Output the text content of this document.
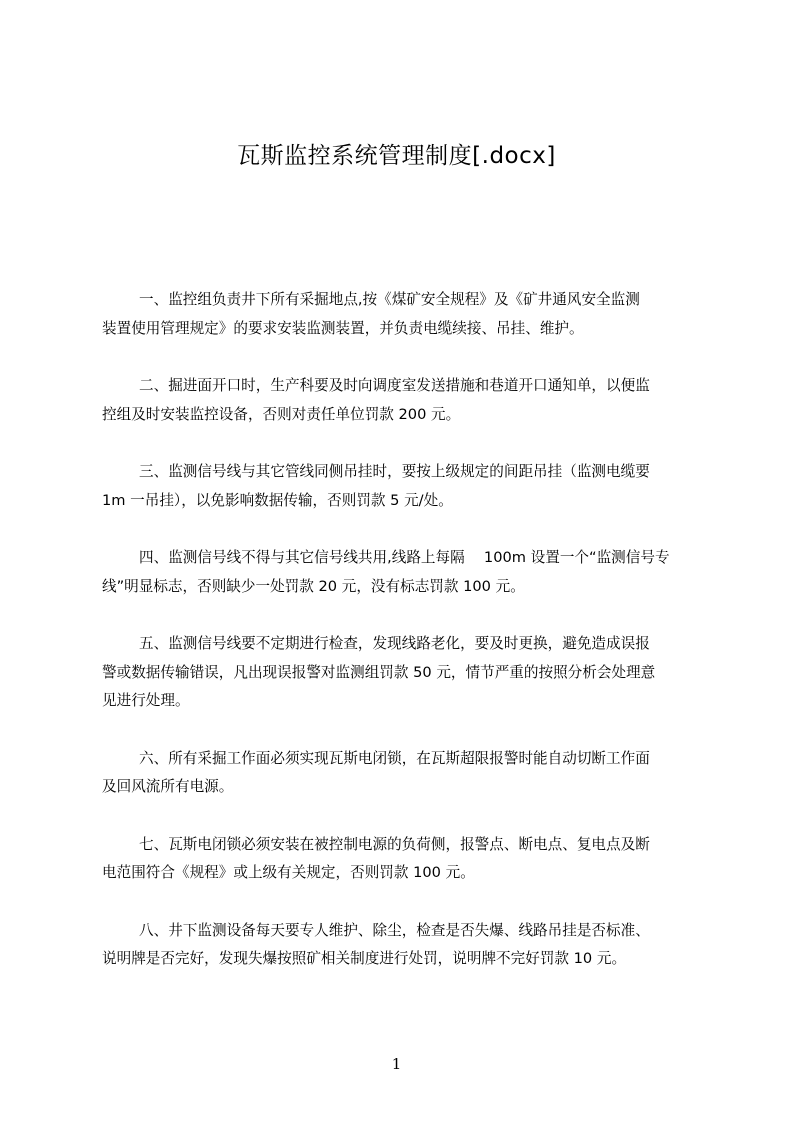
瓦斯监控系统管理制度[.docx]

一、监控组负责井下所有采掘地点,按《煤矿安全规程》及《矿井通风安全监测
装置使用管理规定》的要求安装监测装置，并负责电缆续接、吊挂、维护。

二、掘进面开口时，生产科要及时向调度室发送措施和巷道开口通知单，以便监
控组及时安装监控设备，否则对责任单位罚款 200 元。

三、监测信号线与其它管线同侧吊挂时，要按上级规定的间距吊挂（监测电缆要
1m 一吊挂），以免影响数据传输，否则罚款 5 元/处。

四、监测信号线不得与其它信号线共用,线路上每隔　 100m 设置一个“监测信号专
线”明显标志，否则缺少一处罚款 20 元，没有标志罚款 100 元。

五、监测信号线要不定期进行检查，发现线路老化，要及时更换，避免造成误报
警或数据传输错误，凡出现误报警对监测组罚款 50 元，情节严重的按照分析会处理意
见进行处理。

六、所有采掘工作面必须实现瓦斯电闭锁，在瓦斯超限报警时能自动切断工作面
及回风流所有电源。

七、瓦斯电闭锁必须安装在被控制电源的负荷侧，报警点、断电点、复电点及断
电范围符合《规程》或上级有关规定，否则罚款 100 元。

八、井下监测设备每天要专人维护、除尘，检查是否失爆、线路吊挂是否标准、
说明牌是否完好，发现失爆按照矿相关制度进行处罚，说明牌不完好罚款 10 元。

1
